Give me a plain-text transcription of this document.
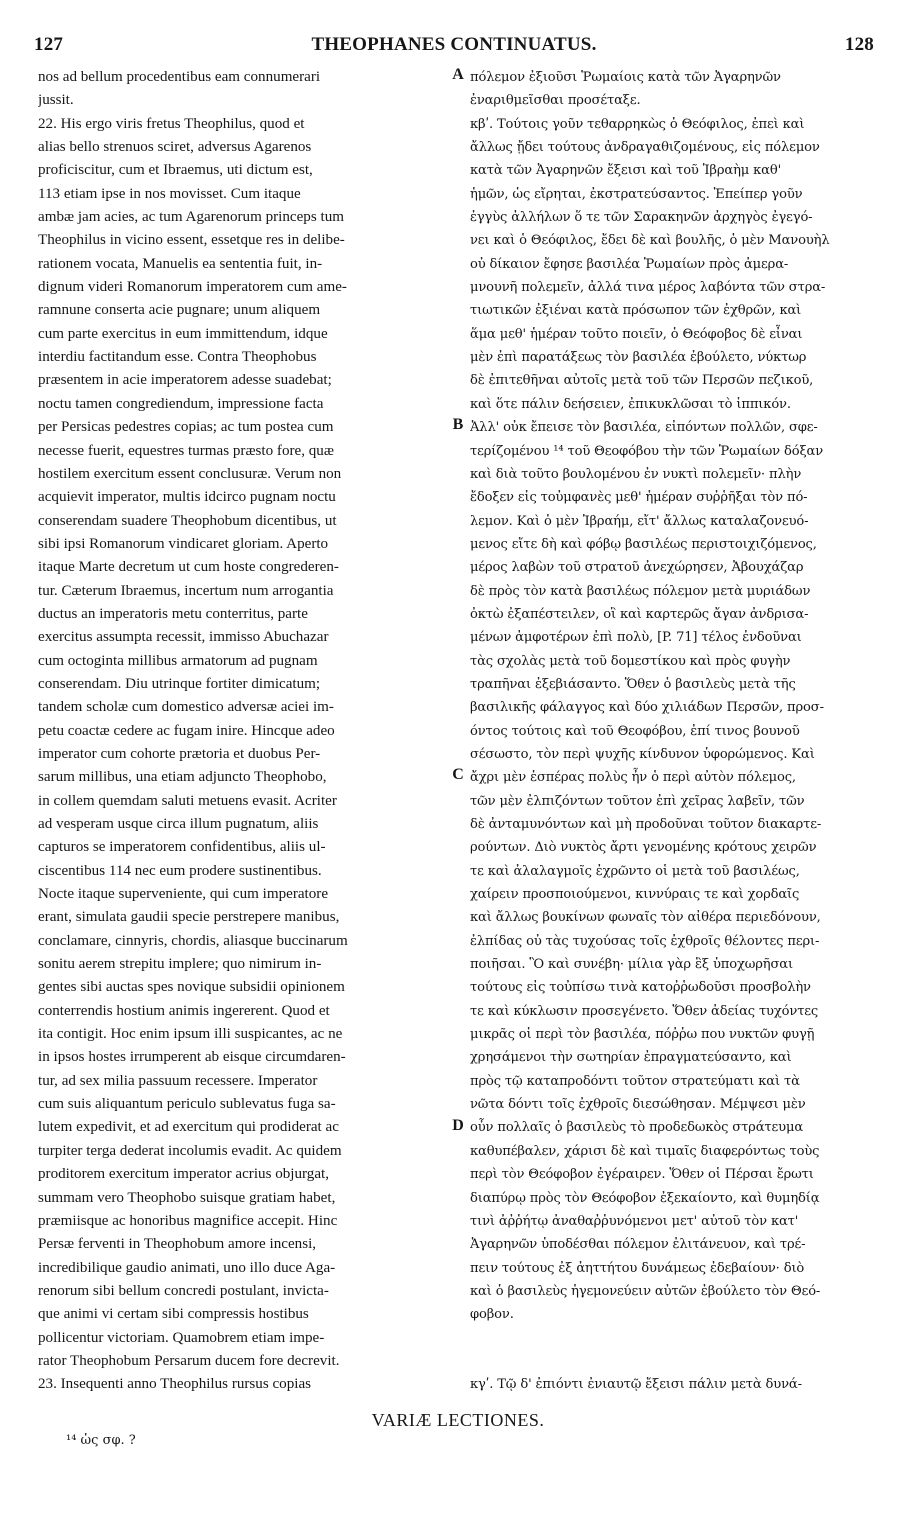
127	THEOPHANES CONTINUATUS.	128
nos ad bellum procedentibus eam connumerari
jussit.
22. His ergo viris fretus Theophilus, quod et
alias bello strenuos sciret, adversus Agarenos
proficiscitur, cum et Ibraemus, uti dictum est,
113 etiam ipse in nos movisset. Cum itaque
ambæ jam acies, ac tum Agarenorum princeps tum
Theophilus in vicino essent, essetque res in delibe-
rationem vocata, Manuelis ea sententia fuit, in-
dignum videri Romanorum imperatorem cum ame-
ramnune conserta acie pugnare; unum aliquem
cum parte exercitus in eum immittendum, idque
interdiu factitandum esse. Contra Theophobus
præsentem in acie imperatorem adesse suadebat;
noctu tamen congrediendum, impressione facta
per Persicas pedestres copias; ac tum postea cum
necesse fuerit, equestres turmas præsto fore, quæ
hostilem exercitum essent conclusuræ. Verum non
acquievit imperator, multis idcirco pugnam noctu
conserendam suadere Theophobum dicentibus, ut
sibi ipsi Romanorum vindicaret gloriam. Aperto
itaque Marte decretum ut cum hoste congrederen-
tur. Cæterum Ibraemus, incertum num arrogantia
ductus an imperatoris metu conterritus, parte
exercitus assumpta recessit, immisso Abuchazar
cum octoginta millibus armatorum ad pugnam
conserendam. Diu utrinque fortiter dimicatum;
tandem scholæ cum domestico adversæ aciei im-
petu coactæ cedere ac fugam inire. Hincque adeo
imperator cum cohorte prætoria et duobus Per-
sarum millibus, una etiam adjuncto Theophobo,
in collem quemdam saluti metuens evasit. Acriter
ad vesperam usque circa illum pugnatum, aliis
capturos se imperatorem confidentibus, aliis ul-
ciscentibus 114 nec eum prodere sustinentibus.
Nocte itaque superveniente, qui cum imperatore
erant, simulata gaudii specie perstrepere manibus,
conclamare, cinnyris, chordis, aliasque buccinarum
sonitu aerem strepitu implere; quo nimirum in-
gentes sibi auctas spes novique subsidii opinionem
conterrendis hostium animis ingererent. Quod et
ita contigit. Hoc enim ipsum illi suspicantes, ac ne
in ipsos hostes irrumperent ab eisque circumdaren-
tur, ad sex milia passuum recessere. Imperator
cum suis aliquantum periculo sublevatus fuga sa-
lutem expedivit, et ad exercitum qui prodiderat ac
turpiter terga dederat incolumis evadit. Ac quidem
proditorem exercitum imperator acrius objurgat,
summam vero Theophobo suisque gratiam habet,
præmiisque ac honoribus magnifice accepit. Hinc
Persæ ferventi in Theophobum amore incensi,
incredibilique gaudio animati, uno illo duce Aga-
renorum sibi bellum concredi postulant, invicta-
que animi vi certam sibi compressis hostibus
pollicentur victoriam. Quamobrem etiam impe-
rator Theophobum Persarum ducem fore decrevit.
23. Insequenti anno Theophilus rursus copias
πόλεμον ἐξιοῦσι Ῥωμαίοις κατὰ τῶν Ἀγαρηνῶν
ἐναριθμεῖσθαι προσέταξε.
κβʹ. Τούτοις γοῦν τεθαρρηκὼς ὁ Θεόφιλος, ἐπεὶ καὶ
ἄλλως ᾔδει τούτους ἀνδραγαθιζομένους, εἰς πόλεμον
κατὰ τῶν Ἀγαρηνῶν ἔξεισι καὶ τοῦ Ἰβραὴμ καθ'
ἡμῶν, ὡς εἴρηται, ἐκστρατεύσαντος. Ἐπείπερ γοῦν
ἐγγὺς ἀλλήλων ὅ τε τῶν Σαρακηνῶν ἀρχηγὸς ἐγεγό-
νει καὶ ὁ Θεόφιλος, ἔδει δὲ καὶ βουλῆς, ὁ μὲν Μανουὴλ
οὐ δίκαιον ἔφησε βασιλέα Ῥωμαίων πρὸς ἀμερα-
μνουνῆ πολεμεῖν, ἀλλά τινα μέρος λαβόντα τῶν στρα-
τιωτικῶν ἐξιέναι κατὰ πρόσωπον τῶν ἐχθρῶν, καὶ
ἅμα μεθ' ἡμέραν τοῦτο ποιεῖν, ὁ Θεόφοβος δὲ εἶναι
μὲν ἐπὶ παρατάξεως τὸν βασιλέα ἐβούλετο, νύκτωρ
δὲ ἐπιτεθῆναι αὐτοῖς μετὰ τοῦ τῶν Περσῶν πεζικοῦ,
καὶ ὅτε πάλιν δεήσειεν, ἐπικυκλῶσαι τὸ ἱππικόν.
Ἀλλ' οὐκ ἔπεισε τὸν βασιλέα, εἰπόντων πολλῶν, σφε-
τερίζομένου ¹⁴ τοῦ Θεοφόβου τὴν τῶν Ῥωμαίων δόξαν
καὶ διὰ τοῦτο βουλομένου ἐν νυκτὶ πολεμεῖν· πλὴν
ἔδοξεν εἰς τοὐμφανὲς μεθ' ἡμέραν συῤῥῆξαι τὸν πό-
λεμον. Καὶ ὁ μὲν Ἰβραήμ, εἴτ' ἄλλως καταλαζονευό-
μενος εἴτε δὴ καὶ φόβῳ βασιλέως περιστοιχιζόμενος,
μέρος λαβὼν τοῦ στρατοῦ ἀνεχώρησεν, Ἀβουχάζαρ
δὲ πρὸς τὸν κατὰ βασιλέως πόλεμον μετὰ μυριάδων
ὀκτὼ ἐξαπέστειλεν, οἳ καὶ καρτερῶς ἄγαν ἀνδρισα-
μένων ἀμφοτέρων ἐπὶ πολὺ, [P. 71] τέλος ἐνδοῦναι
τὰς σχολὰς μετὰ τοῦ δομεστίκου καὶ πρὸς φυγὴν
τραπῆναι ἐξεβιάσαντο. Ὅθεν ὁ βασιλεὺς μετὰ τῆς
βασιλικῆς φάλαγγος καὶ δύο χιλιάδων Περσῶν, προσ-
όντος τούτοις καὶ τοῦ Θεοφόβου, ἐπί τινος βουνοῦ
σέσωστο, τὸν περὶ ψυχῆς κίνδυνον ὑφορώμενος. Καὶ
ἄχρι μὲν ἑσπέρας πολὺς ἦν ὁ περὶ αὐτὸν πόλεμος,
τῶν μὲν ἐλπιζόντων τοῦτον ἐπὶ χεῖρας λαβεῖν, τῶν
δὲ ἀνταμυνόντων καὶ μὴ προδοῦναι τοῦτον διακαρτε-
ρούντων. Διὸ νυκτὸς ἄρτι γενομένης κρότους χειρῶν
τε καὶ ἀλαλαγμοῖς ἐχρῶντο οἱ μετὰ τοῦ βασιλέως,
χαίρειν προσποιούμενοι, κιννύραις τε καὶ χορδαῖς
καὶ ἄλλως βουκίνων φωναῖς τὸν αἰθέρα περιεδόνουν,
ἐλπίδας οὐ τὰς τυχούσας τοῖς ἐχθροῖς θέλοντες περι-
ποιῆσαι. Ὃ καὶ συνέβη· μίλια γὰρ ἓξ ὑποχωρῆσαι
τούτους εἰς τοὐπίσω τινὰ κατοῤῥωδοῦσι προσβολὴν
τε καὶ κύκλωσιν προσεγένετο. Ὅθεν ἀδείας τυχόντες
μικρᾶς οἱ περὶ τὸν βασιλέα, πόῤῥω που νυκτῶν φυγῇ
χρησάμενοι τὴν σωτηρίαν ἐπραγματεύσαντο, καὶ
πρὸς τῷ καταπροδόντι τοῦτον στρατεύματι καὶ τὰ
νῶτα δόντι τοῖς ἐχθροῖς διεσώθησαν. Μέμψεσι μὲν
οὖν πολλαῖς ὁ βασιλεὺς τὸ προδεδωκὸς στράτευμα
καθυπέβαλεν, χάρισι δὲ καὶ τιμαῖς διαφερόντως τοὺς
περὶ τὸν Θεόφοβον ἐγέραιρεν. Ὅθεν οἱ Πέρσαι ἔρωτι
διαπύρῳ πρὸς τὸν Θεόφοβον ἐξεκαίοντο, καὶ θυμηδίᾳ
τινὶ ἀῤῥήτῳ ἀναθαῤῥυνόμενοι μετ' αὐτοῦ τὸν κατ'
Ἀγαρηνῶν ὑποδέσθαι πόλεμον ἐλιτάνευον, καὶ τρέ-
πειν τούτους ἐξ ἀηττήτου δυνάμεως ἐδεβαίουν· διὸ
καὶ ὁ βασιλεὺς ἡγεμονεύειν αὐτῶν ἐβούλετο τὸν Θεό-
φοβον.
κγʹ. Τῷ δ' ἐπιόντι ἐνιαυτῷ ἔξεισι πάλιν μετὰ δυνά-
A
B
C
D
VARIÆ LECTIONES.
¹⁴ ὡς σφ. ?
